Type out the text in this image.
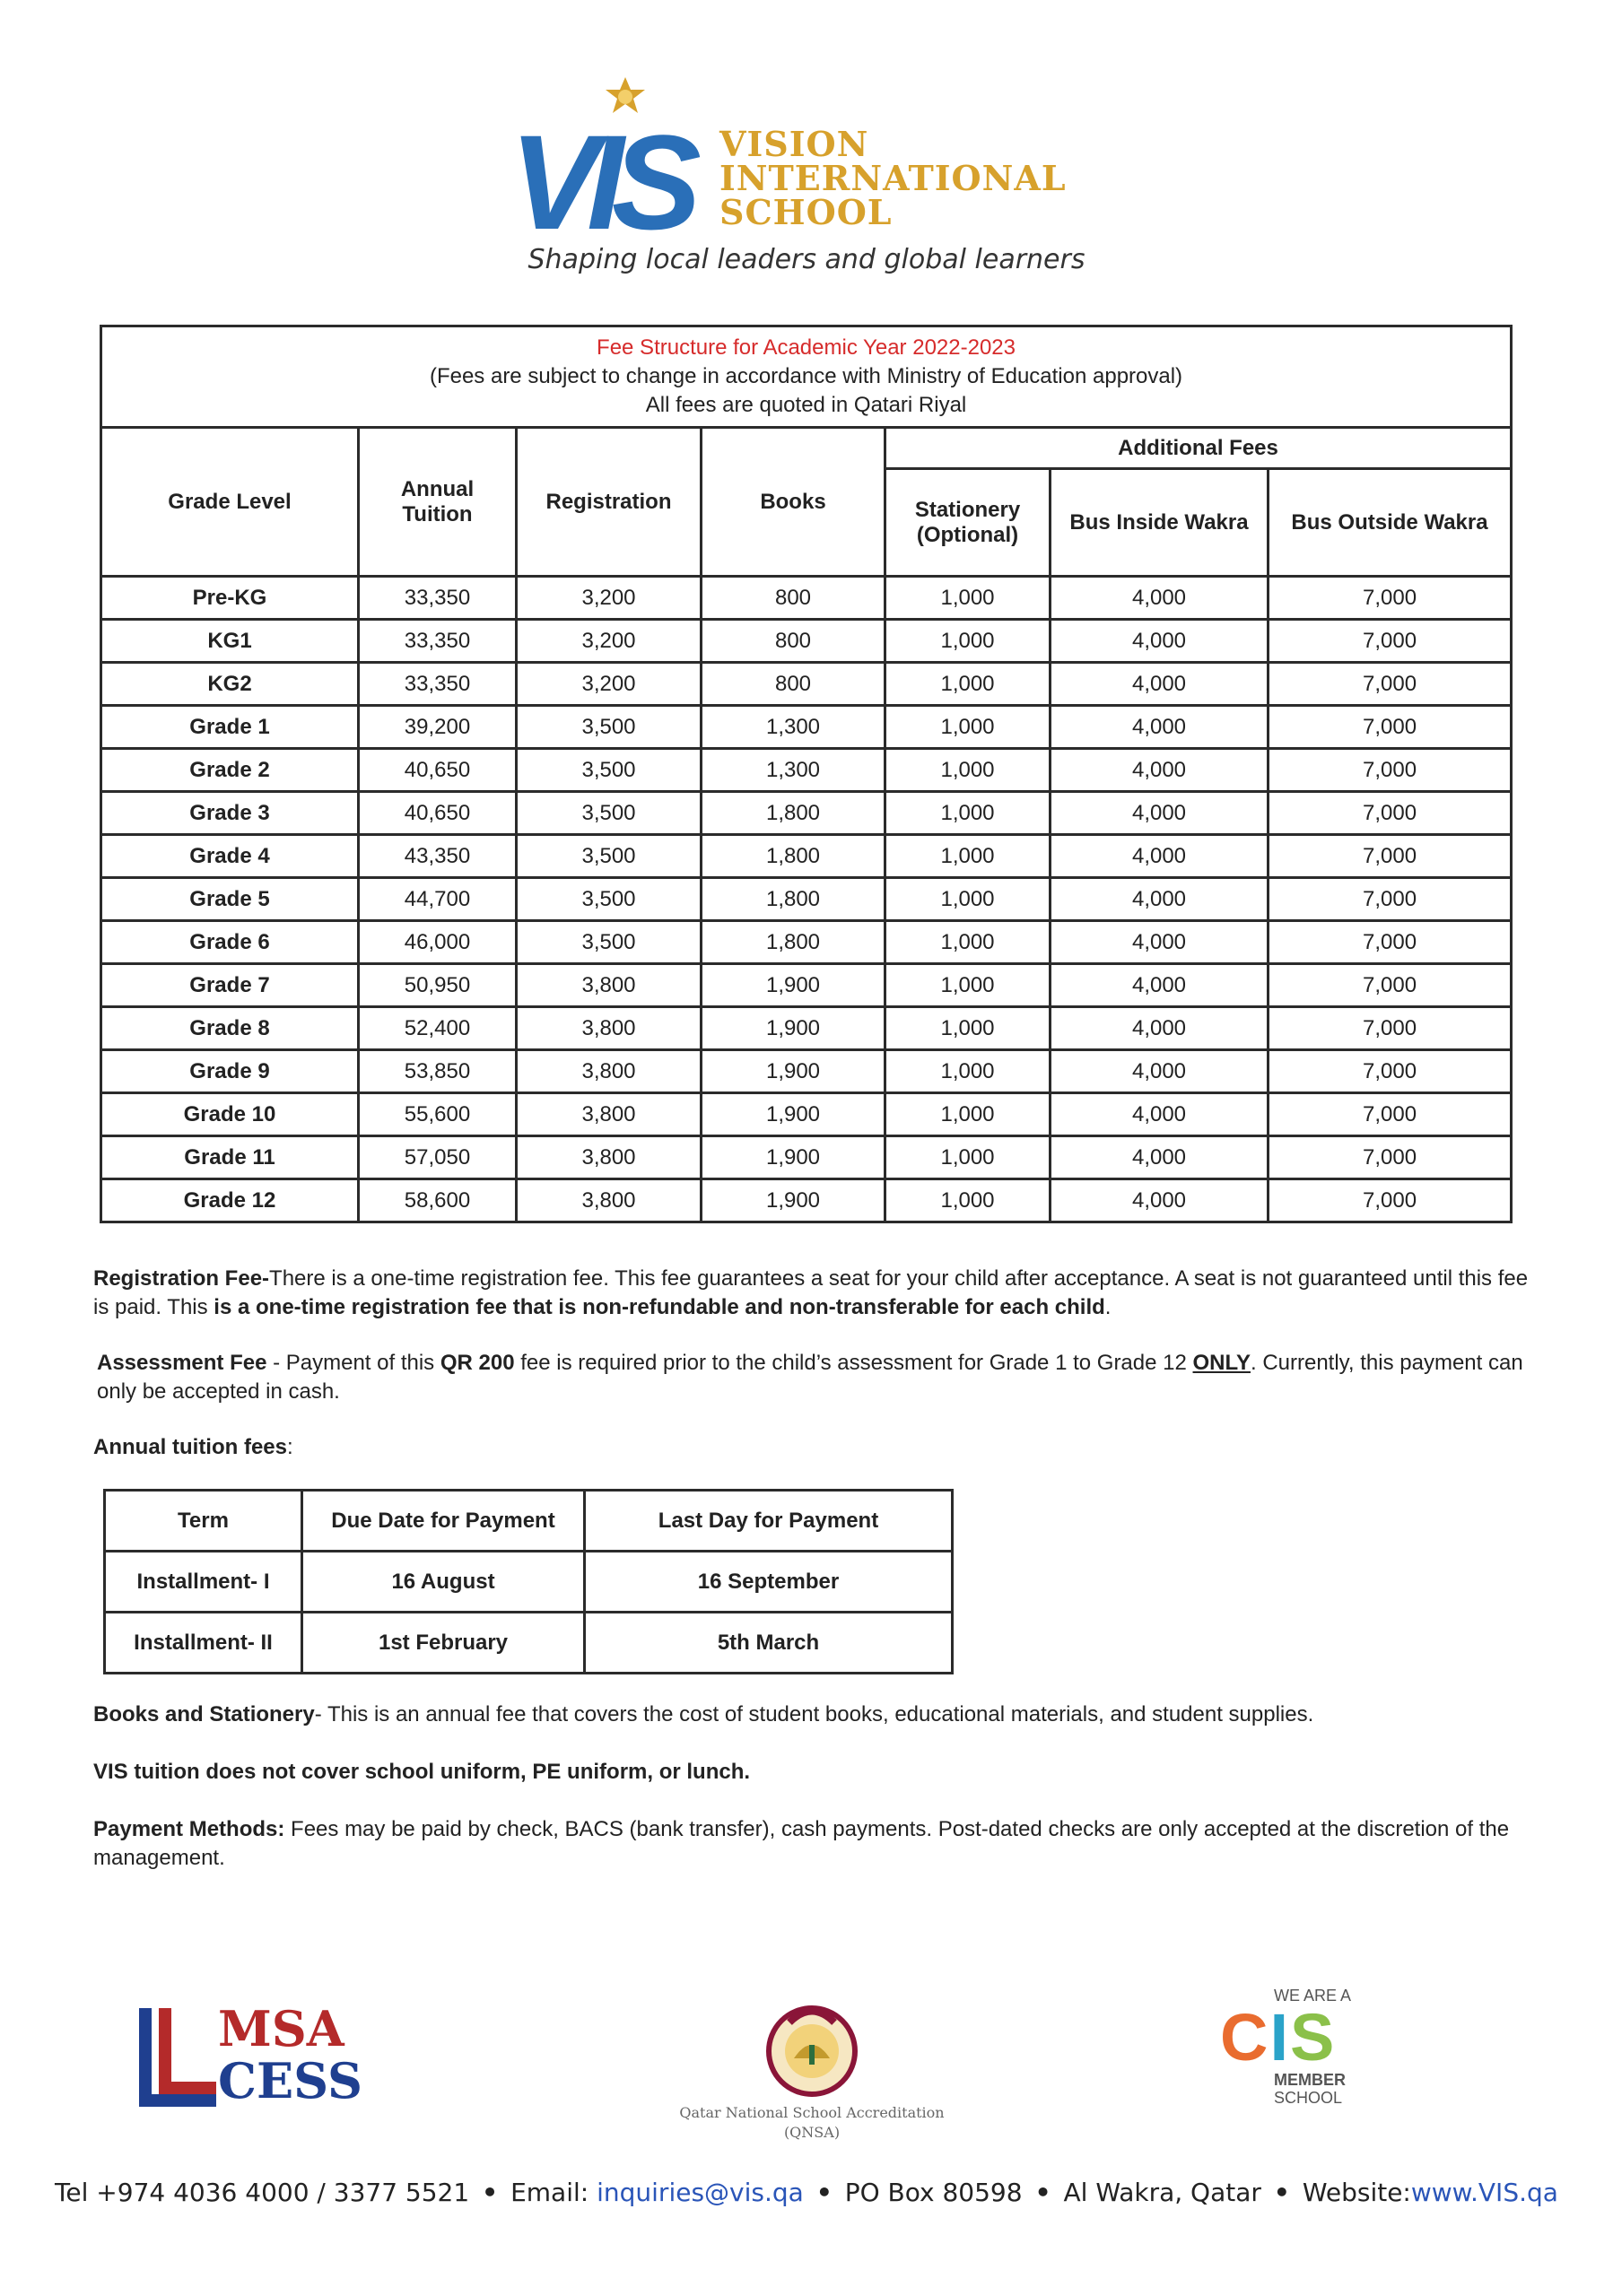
VIS VISION
INTERNATIONAL
SCHOOL
Shaping local leaders and global learners
Fee Structure for Academic Year 2022-2023
(Fees are subject to change in accordance with Ministry of Education approval)
All fees are quoted in Qatari Riyal						

Grade Level	Annual Tuition	Registration	Books	Additional Fees		
				Stationery (Optional)	Bus Inside Wakra	Bus Outside Wakra
Pre-KG	33,350	3,200	800	1,000	4,000	7,000
KG1	33,350	3,200	800	1,000	4,000	7,000
KG2	33,350	3,200	800	1,000	4,000	7,000
Grade 1	39,200	3,500	1,300	1,000	4,000	7,000
Grade 2	40,650	3,500	1,300	1,000	4,000	7,000
Grade 3	40,650	3,500	1,800	1,000	4,000	7,000
Grade 4	43,350	3,500	1,800	1,000	4,000	7,000
Grade 5	44,700	3,500	1,800	1,000	4,000	7,000
Grade 6	46,000	3,500	1,800	1,000	4,000	7,000
Grade 7	50,950	3,800	1,900	1,000	4,000	7,000
Grade 8	52,400	3,800	1,900	1,000	4,000	7,000
Grade 9	53,850	3,800	1,900	1,000	4,000	7,000
Grade 10	55,600	3,800	1,900	1,000	4,000	7,000
Grade 11	57,050	3,800	1,900	1,000	4,000	7,000
Grade 12	58,600	3,800	1,900	1,000	4,000	7,000
Registration Fee-There is a one-time registration fee. This fee guarantees a seat for your child after acceptance. A seat is not guaranteed until this fee is paid. This is a one-time registration fee that is non-refundable and non-transferable for each child.
Assessment Fee - Payment of this QR 200 fee is required prior to the child’s assessment for Grade 1 to Grade 12 ONLY. Currently, this payment can only be accepted in cash.
Annual tuition fees:
Term	Due Date for Payment	Last Day for Payment
Installment- I	16 August	16 September
Installment- II	1st February	5th March
Books and Stationery- This is an annual fee that covers the cost of student books, educational materials, and student supplies.
VIS tuition does not cover school uniform, PE uniform, or lunch.
Payment Methods: Fees may be paid by check, BACS (bank transfer), cash payments. Post-dated checks are only accepted at the discretion of the management.
MSA
CESS
Qatar National School Accreditation
(QNSA)
WE ARE A
CIS
MEMBER
SCHOOL
Tel +974 4036 4000 / 3377 5521 • Email: inquiries@vis.qa • PO Box 80598 • Al Wakra, Qatar • Website:www.VIS.qa
